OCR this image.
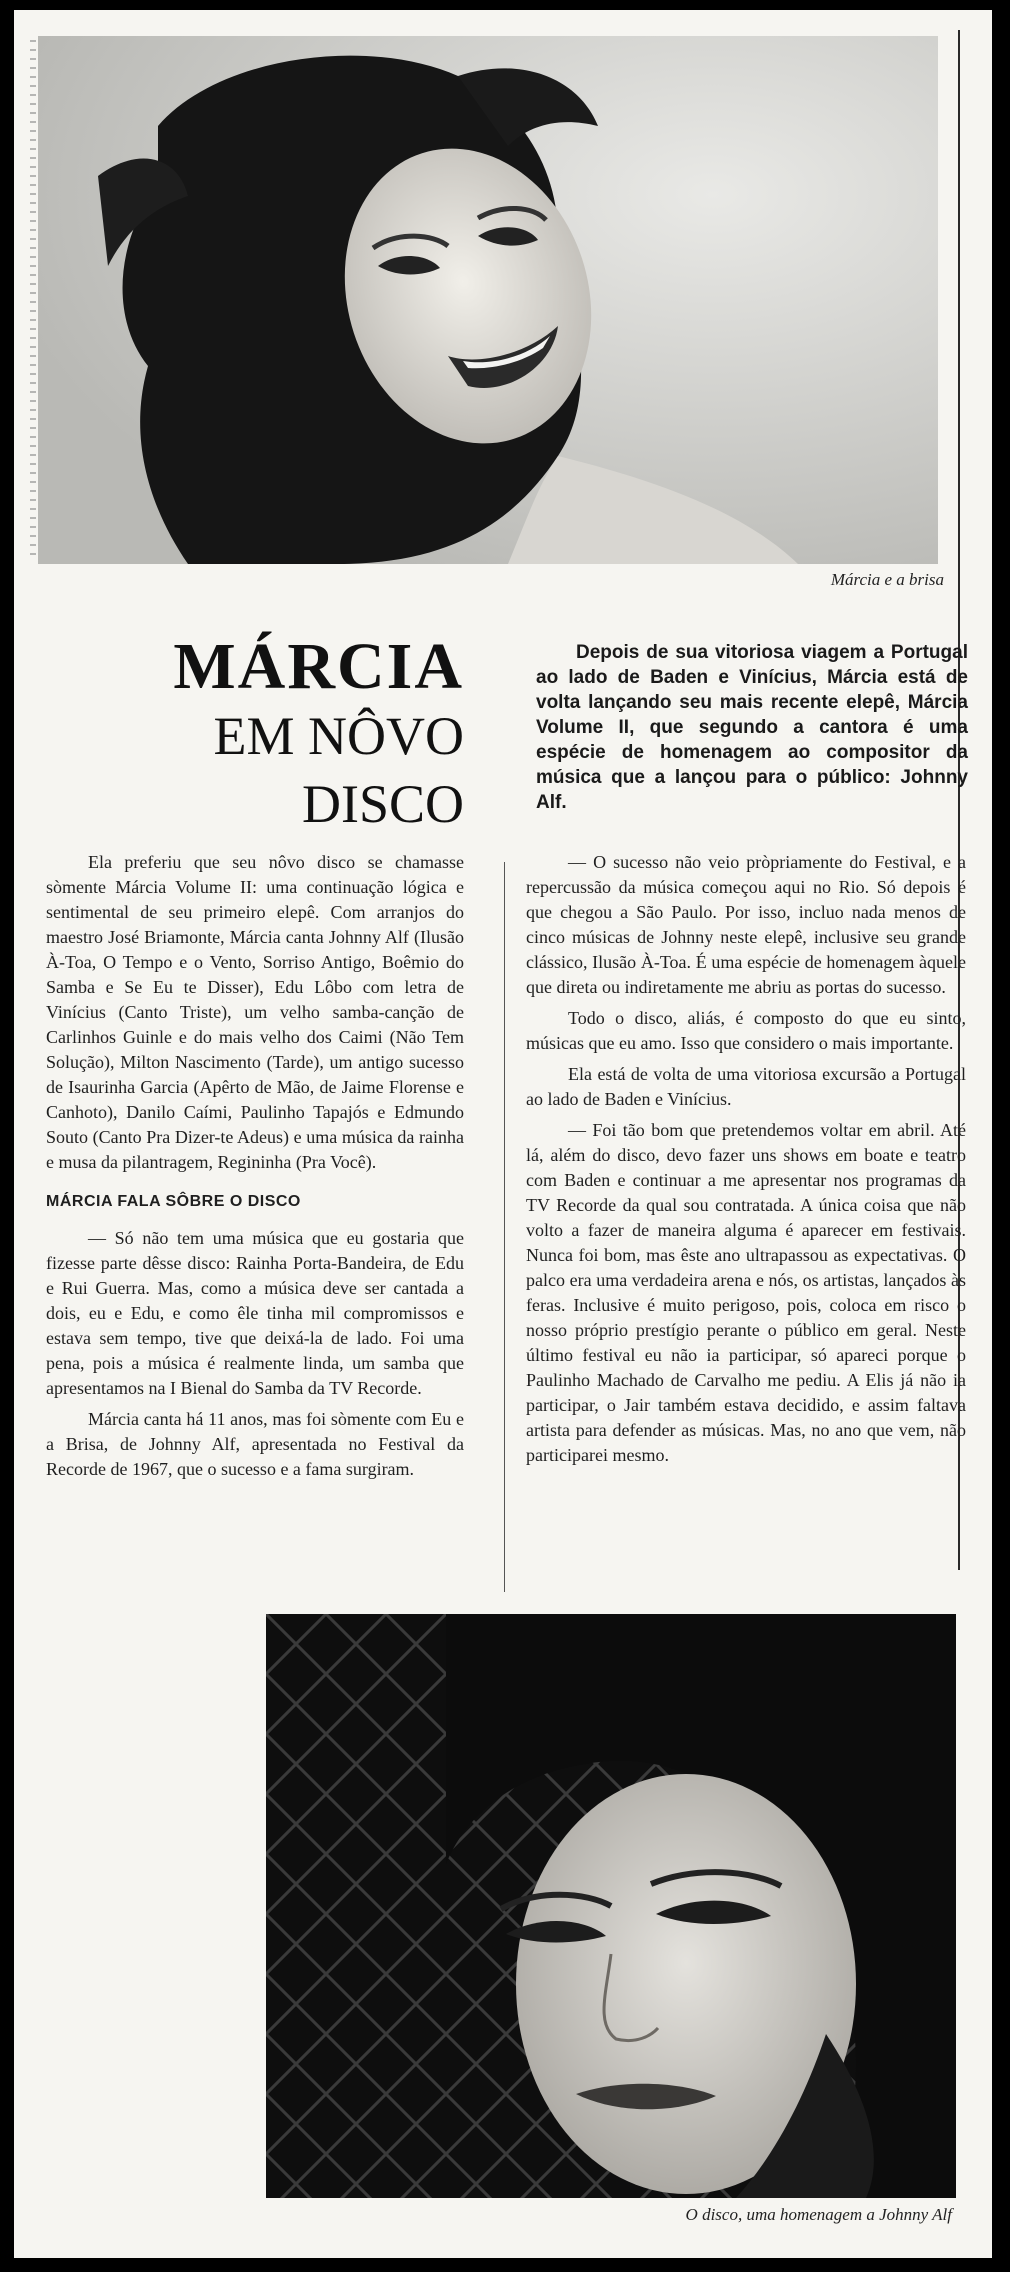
Márcia e a brisa
MÁRCIA
EM NÔVO
DISCO
Depois de sua vitoriosa viagem a Portugal ao lado de Baden e Vinícius, Márcia está de volta lançando seu mais recente elepê, Márcia Volume II, que segundo a cantora é uma espécie de homenagem ao compositor da música que a lançou para o público: Johnny Alf.

Ela preferiu que seu nôvo disco se chamasse sòmente Márcia Volume II: uma continuação lógica e sentimental de seu primeiro elepê. Com arranjos do maestro José Briamonte, Márcia canta Johnny Alf (Ilusão À-Toa, O Tempo e o Vento, Sorriso Antigo, Boêmio do Samba e Se Eu te Disser), Edu Lôbo com letra de Vinícius (Canto Triste), um velho samba-canção de Carlinhos Guinle e do mais velho dos Caimi (Não Tem Solução), Milton Nascimento (Tarde), um antigo sucesso de Isaurinha Garcia (Apêrto de Mão, de Jaime Florense e Canhoto), Danilo Caími, Paulinho Tapajós e Edmundo Souto (Canto Pra Dizer-te Adeus) e uma música da rainha e musa da pilantragem, Regininha (Pra Você).

MÁRCIA FALA SÔBRE O DISCO

— Só não tem uma música que eu gostaria que fizesse parte dêsse disco: Rainha Porta-Bandeira, de Edu e Rui Guerra. Mas, como a música deve ser cantada a dois, eu e Edu, e como êle tinha mil compromissos e estava sem tempo, tive que deixá-la de lado. Foi uma pena, pois a música é realmente linda, um samba que apresentamos na I Bienal do Samba da TV Recorde.

Márcia canta há 11 anos, mas foi sòmente com Eu e a Brisa, de Johnny Alf, apresentada no Festival da Recorde de 1967, que o sucesso e a fama surgiram.

— O sucesso não veio pròpriamente do Festival, e a repercussão da música começou aqui no Rio. Só depois é que chegou a São Paulo. Por isso, incluo nada menos de cinco músicas de Johnny neste elepê, inclusive seu grande clássico, Ilusão À-Toa. É uma espécie de homenagem àquele que direta ou indiretamente me abriu as portas do sucesso.

Todo o disco, aliás, é composto do que eu sinto, músicas que eu amo. Isso que considero o mais importante.

Ela está de volta de uma vitoriosa excursão a Portugal ao lado de Baden e Vinícius.

— Foi tão bom que pretendemos voltar em abril. Até lá, além do disco, devo fazer uns shows em boate e teatro com Baden e continuar a me apresentar nos programas da TV Recorde da qual sou contratada. A única coisa que não volto a fazer de maneira alguma é aparecer em festivais. Nunca foi bom, mas êste ano ultrapassou as expectativas. O palco era uma verdadeira arena e nós, os artistas, lançados às feras. Inclusive é muito perigoso, pois, coloca em risco o nosso próprio prestígio perante o público em geral. Neste último festival eu não ia participar, só apareci porque o Paulinho Machado de Carvalho me pediu. A Elis já não ia participar, o Jair também estava decidido, e assim faltava artista para defender as músicas. Mas, no ano que vem, não participarei mesmo.

O disco, uma homenagem a Johnny Alf
